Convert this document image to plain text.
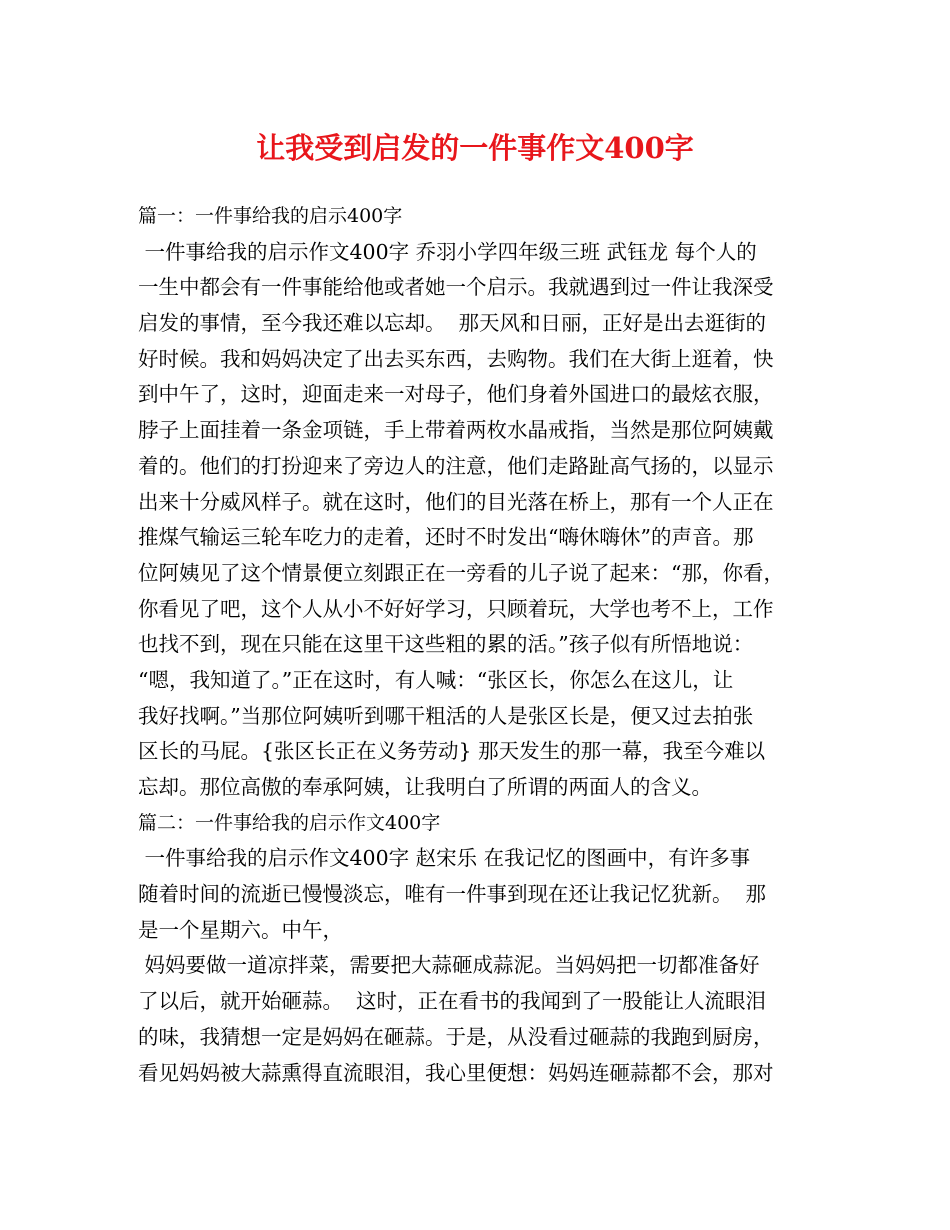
让我受到启发的一件事作文400字
篇一：一件事给我的启示400字
一件事给我的启示作文400字 乔羽小学四年级三班 武钰龙 每个人的
一生中都会有一件事能给他或者她一个启示。我就遇到过一件让我深受
启发的事情，至今我还难以忘却。  那天风和日丽，正好是出去逛街的
好时候。我和妈妈决定了出去买东西，去购物。我们在大街上逛着，快
到中午了，这时，迎面走来一对母子，他们身着外国进口的最炫衣服，
脖子上面挂着一条金项链，手上带着两枚水晶戒指，当然是那位阿姨戴
着的。他们的打扮迎来了旁边人的注意，他们走路趾高气扬的，以显示
出来十分威风样子。就在这时，他们的目光落在桥上，那有一个人正在
推煤气输运三轮车吃力的走着，还时不时发出“嗨休嗨休”的声音。那
位阿姨见了这个情景便立刻跟正在一旁看的儿子说了起来：“那，你看，
你看见了吧，这个人从小不好好学习，只顾着玩，大学也考不上，工作
也找不到，现在只能在这里干这些粗的累的活。”孩子似有所悟地说：
“嗯，我知道了。”正在这时，有人喊：“张区长，你怎么在这儿，让
我好找啊。”当那位阿姨听到哪干粗活的人是张区长是，便又过去拍张
区长的马屁。{张区长正在义务劳动} 那天发生的那一幕，我至今难以
忘却。那位高傲的奉承阿姨，让我明白了所谓的两面人的含义。
篇二：一件事给我的启示作文400字
一件事给我的启示作文400字 赵宋乐 在我记忆的图画中，有许多事
随着时间的流逝已慢慢淡忘，唯有一件事到现在还让我记忆犹新。  那
是一个星期六。中午，
妈妈要做一道凉拌菜，需要把大蒜砸成蒜泥。当妈妈把一切都准备好
了以后，就开始砸蒜。  这时，正在看书的我闻到了一股能让人流眼泪
的味，我猜想一定是妈妈在砸蒜。于是，从没看过砸蒜的我跑到厨房，
看见妈妈被大蒜熏得直流眼泪，我心里便想：妈妈连砸蒜都不会，那对
